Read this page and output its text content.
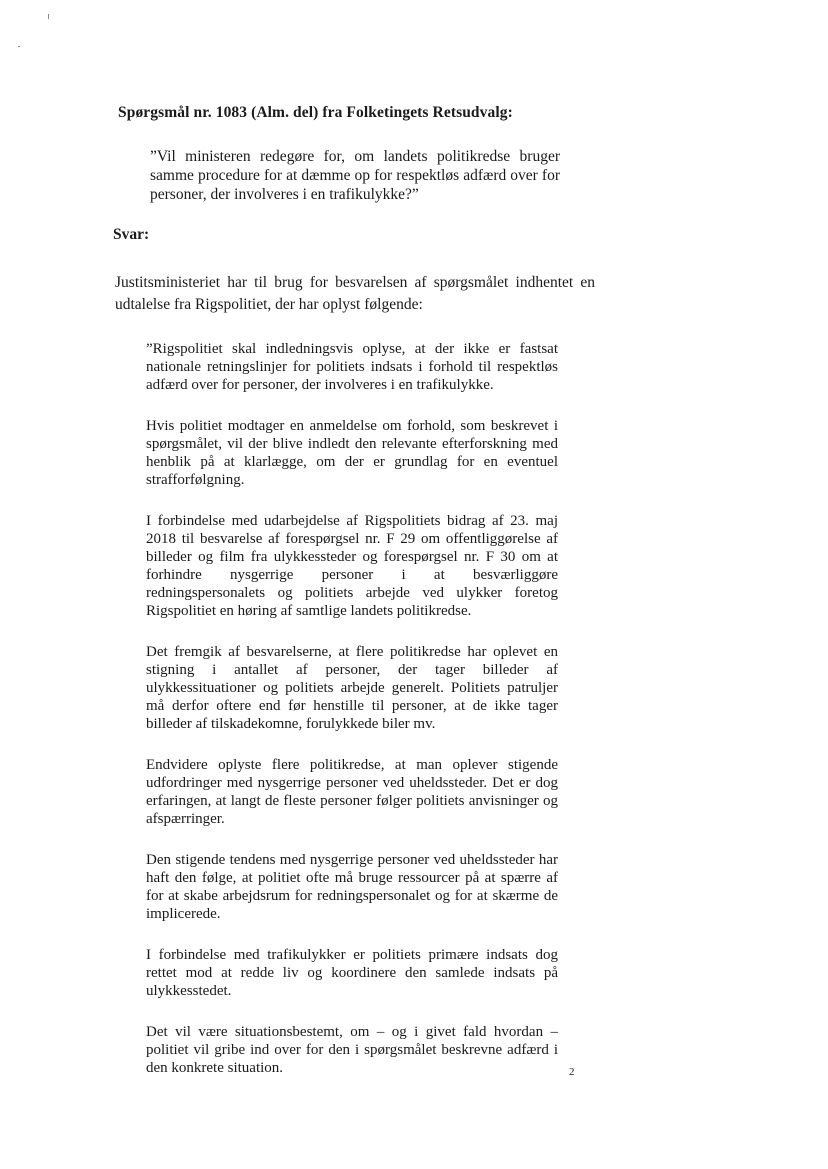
Spørgsmål nr. 1083 (Alm. del) fra Folketingets Retsudvalg:
”Vil ministeren redegøre for, om landets politikredse bruger samme procedure for at dæmme op for respektløs adfærd over for personer, der involveres i en trafikulykke?”
Svar:
Justitsministeriet har til brug for besvarelsen af spørgsmålet indhentet en udtalelse fra Rigspolitiet, der har oplyst følgende:

”Rigspolitiet skal indledningsvis oplyse, at der ikke er fastsat nationale retningslinjer for politiets indsats i forhold til respektløs adfærd over for personer, der involveres i en trafikulykke.

Hvis politiet modtager en anmeldelse om forhold, som beskrevet i spørgsmålet, vil der blive indledt den relevante efterforskning med henblik på at klarlægge, om der er grundlag for en eventuel strafforfølgning.

I forbindelse med udarbejdelse af Rigspolitiets bidrag af 23. maj 2018 til besvarelse af forespørgsel nr. F 29 om offentliggørelse af billeder og film fra ulykkessteder og forespørgsel nr. F 30 om at forhindre nysgerrige personer i at besværliggøre redningspersonalets og politiets arbejde ved ulykker foretog Rigspolitiet en høring af samtlige landets politikredse.

Det fremgik af besvarelserne, at flere politikredse har oplevet en stigning i antallet af personer, der tager billeder af ulykkessituationer og politiets arbejde generelt. Politiets patruljer må derfor oftere end før henstille til personer, at de ikke tager billeder af tilskadekomne, forulykkede biler mv.

Endvidere oplyste flere politikredse, at man oplever stigende udfordringer med nysgerrige personer ved uheldssteder. Det er dog erfaringen, at langt de fleste personer følger politiets anvisninger og afspærringer.

Den stigende tendens med nysgerrige personer ved uheldssteder har haft den følge, at politiet ofte må bruge ressourcer på at spærre af for at skabe arbejdsrum for redningspersonalet og for at skærme de implicerede.

I forbindelse med trafikulykker er politiets primære indsats dog rettet mod at redde liv og koordinere den samlede indsats på ulykkesstedet.

Det vil være situationsbestemt, om – og i givet fald hvordan – politiet vil gribe ind over for den i spørgsmålet beskrevne adfærd i den konkrete situation.	2
